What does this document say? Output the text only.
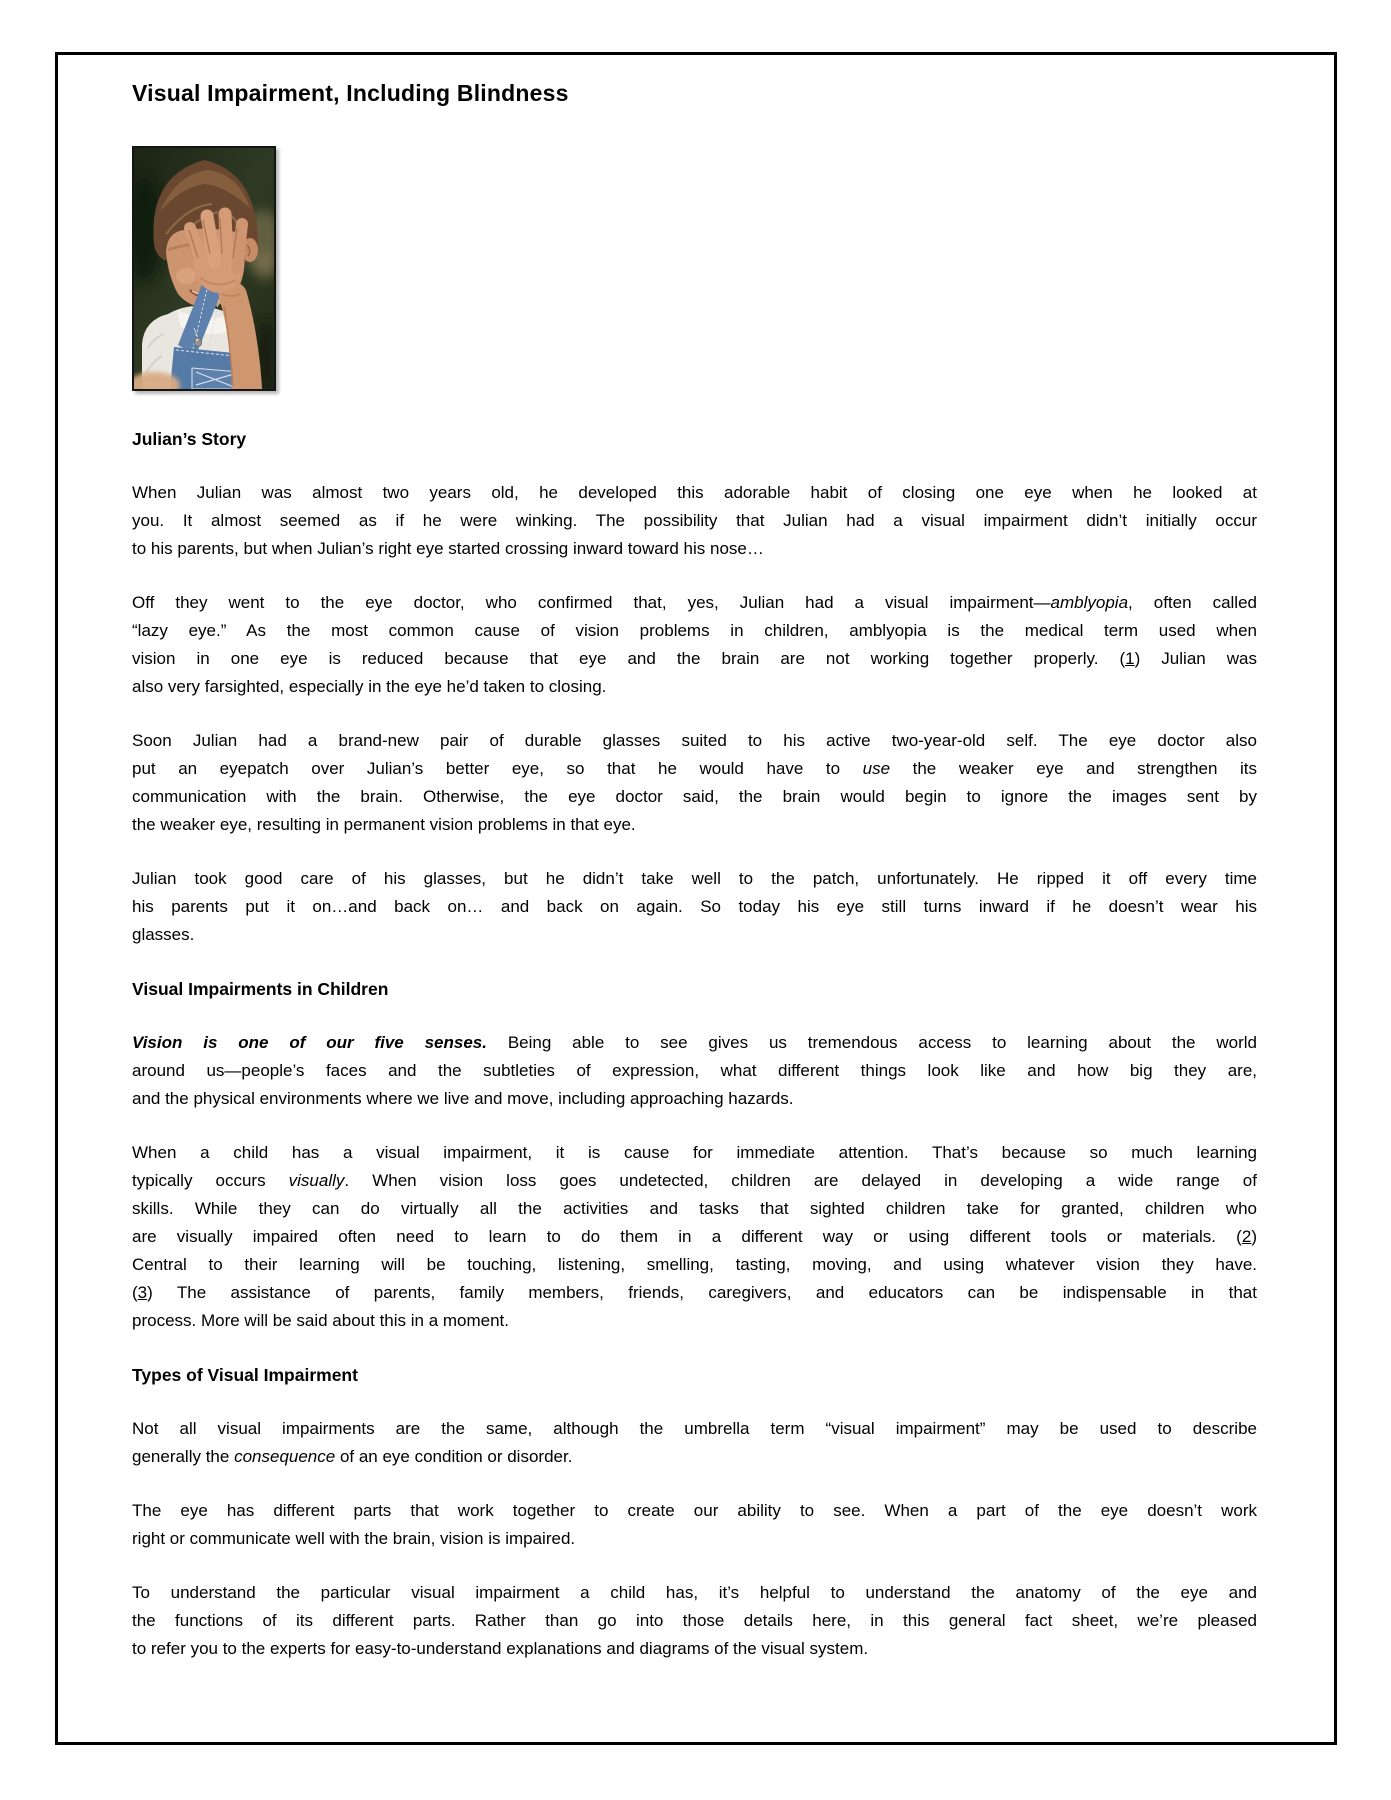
Visual Impairment, Including Blindness
Julian’s Story
When Julian was almost two years old, he developed this adorable habit of closing one eye when he looked at
you. It almost seemed as if he were winking. The possibility that Julian had a visual impairment didn’t initially occur
to his parents, but when Julian’s right eye started crossing inward toward his nose…
Off they went to the eye doctor, who confirmed that, yes, Julian had a visual impairment—amblyopia, often called
“lazy eye.” As the most common cause of vision problems in children, amblyopia is the medical term used when
vision in one eye is reduced because that eye and the brain are not working together properly. (1) Julian was
also very farsighted, especially in the eye he’d taken to closing.
Soon Julian had a brand-new pair of durable glasses suited to his active two-year-old self. The eye doctor also
put an eyepatch over Julian’s better eye, so that he would have to use the weaker eye and strengthen its
communication with the brain. Otherwise, the eye doctor said, the brain would begin to ignore the images sent by
the weaker eye, resulting in permanent vision problems in that eye.
Julian took good care of his glasses, but he didn’t take well to the patch, unfortunately. He ripped it off every time
his parents put it on…and back on… and back on again. So today his eye still turns inward if he doesn’t wear his
glasses.
Visual Impairments in Children
Vision is one of our five senses. Being able to see gives us tremendous access to learning about the world
around us—people’s faces and the subtleties of expression, what different things look like and how big they are,
and the physical environments where we live and move, including approaching hazards.
When a child has a visual impairment, it is cause for immediate attention. That’s because so much learning
typically occurs visually. When vision loss goes undetected, children are delayed in developing a wide range of
skills. While they can do virtually all the activities and tasks that sighted children take for granted, children who
are visually impaired often need to learn to do them in a different way or using different tools or materials. (2)
Central to their learning will be touching, listening, smelling, tasting, moving, and using whatever vision they have.
(3) The assistance of parents, family members, friends, caregivers, and educators can be indispensable in that
process. More will be said about this in a moment.
Types of Visual Impairment
Not all visual impairments are the same, although the umbrella term “visual impairment” may be used to describe
generally the consequence of an eye condition or disorder.
The eye has different parts that work together to create our ability to see. When a part of the eye doesn’t work
right or communicate well with the brain, vision is impaired.
To understand the particular visual impairment a child has, it’s helpful to understand the anatomy of the eye and
the functions of its different parts. Rather than go into those details here, in this general fact sheet, we’re pleased
to refer you to the experts for easy-to-understand explanations and diagrams of the visual system.
